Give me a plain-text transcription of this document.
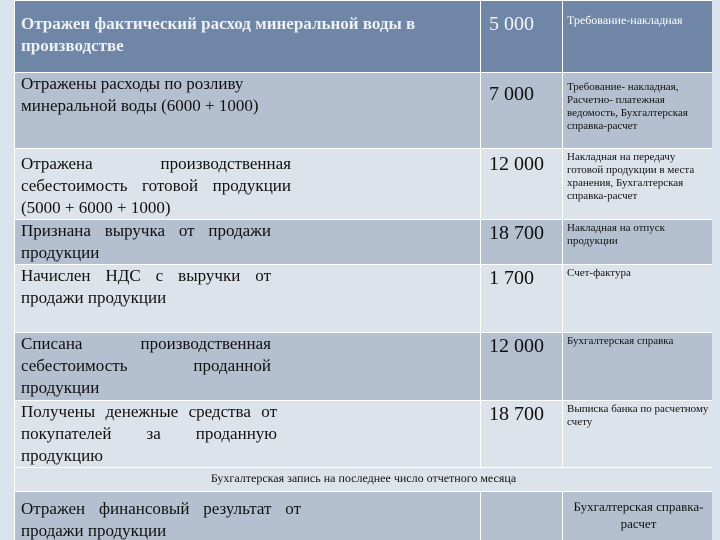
Отражен фактический расход минеральной воды в производстве	5 000	Требование-накладная

Отражены расходы по розливу минеральной воды (6000 + 1000)	7 000	Требование- накладная, Расчетно- платежная ведомость, Бухгалтерская справка-расчет

Отражена производственная себестоимость готовой продукции (5000 + 6000 + 1000)	12 000	Накладная на передачу готовой продукции в места хранения, Бухгалтерская справка-расчет

Признана выручка от продажи продукции	18 700	Накладная на отпуск продукции

Начислен НДС с выручки от продажи продукции	1 700	Счет-фактура

Списана производственная себестоимость проданной продукции	12 000	Бухгалтерская справка

Получены денежные средства от покупателей за проданную продукцию	18 700	Выписка банка по расчетному счету
Бухгалтерская запись на последнее число отчетного месяца		

Отражен финансовый результат от продажи продукции		Бухгалтерская справка-расчет
